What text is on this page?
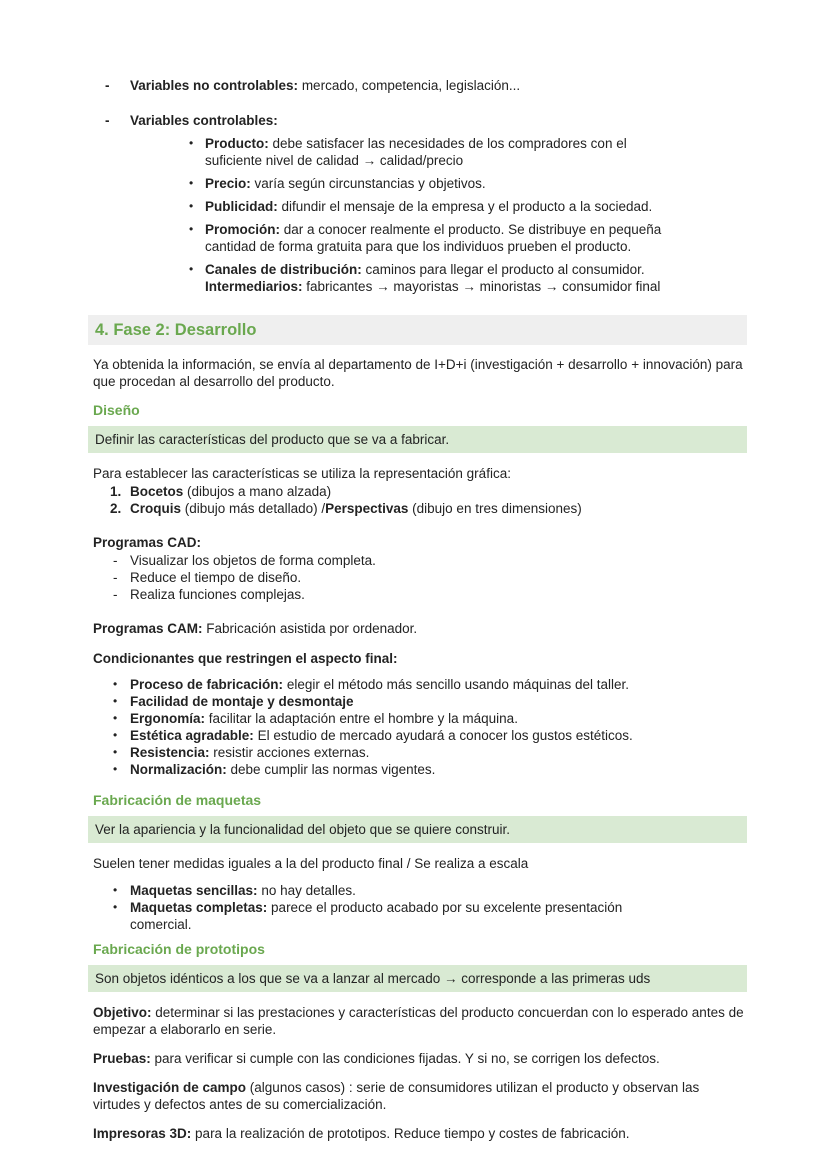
- Variables no controlables: mercado, competencia, legislación...
- Variables controlables:
• Producto: debe satisfacer las necesidades de los compradores con el suficiente nivel de calidad → calidad/precio
• Precio: varía según circunstancias y objetivos.
• Publicidad: difundir el mensaje de la empresa y el producto a la sociedad.
• Promoción: dar a conocer realmente el producto. Se distribuye en pequeña cantidad de forma gratuita para que los individuos prueben el producto.
• Canales de distribución: caminos para llegar el producto al consumidor.
Intermediarios: fabricantes → mayoristas → minoristas → consumidor final
4. Fase 2: Desarrollo

Ya obtenida la información, se envía al departamento de I+D+i (investigación + desarrollo + innovación) para que procedan al desarrollo del producto.

Diseño
Definir las características del producto que se va a fabricar.

Para establecer las características se utiliza la representación gráfica:

1. Bocetos (dibujos a mano alzada)
2. Croquis (dibujo más detallado) /Perspectivas (dibujo en tres dimensiones)

Programas CAD:

- Visualizar los objetos de forma completa.
- Reduce el tiempo de diseño.
- Realiza funciones complejas.

Programas CAM: Fabricación asistida por ordenador.

Condicionantes que restringen el aspecto final:

• Proceso de fabricación: elegir el método más sencillo usando máquinas del taller.
• Facilidad de montaje y desmontaje
• Ergonomía: facilitar la adaptación entre el hombre y la máquina.
• Estética agradable: El estudio de mercado ayudará a conocer los gustos estéticos.
• Resistencia: resistir acciones externas.
• Normalización: debe cumplir las normas vigentes.
Fabricación de maquetas
Ver la apariencia y la funcionalidad del objeto que se quiere construir.

Suelen tener medidas iguales a la del producto final / Se realiza a escala

• Maquetas sencillas: no hay detalles.
• Maquetas completas: parece el producto acabado por su excelente presentación comercial.
Fabricación de prototipos
Son objetos idénticos a los que se va a lanzar al mercado → corresponde a las primeras uds

Objetivo: determinar si las prestaciones y características del producto concuerdan con lo esperado antes de empezar a elaborarlo en serie.

Pruebas: para verificar si cumple con las condiciones fijadas. Y si no, se corrigen los defectos.

Investigación de campo (algunos casos) : serie de consumidores utilizan el producto y observan las virtudes y defectos antes de su comercialización.

Impresoras 3D: para la realización de prototipos. Reduce tiempo y costes de fabricación.
